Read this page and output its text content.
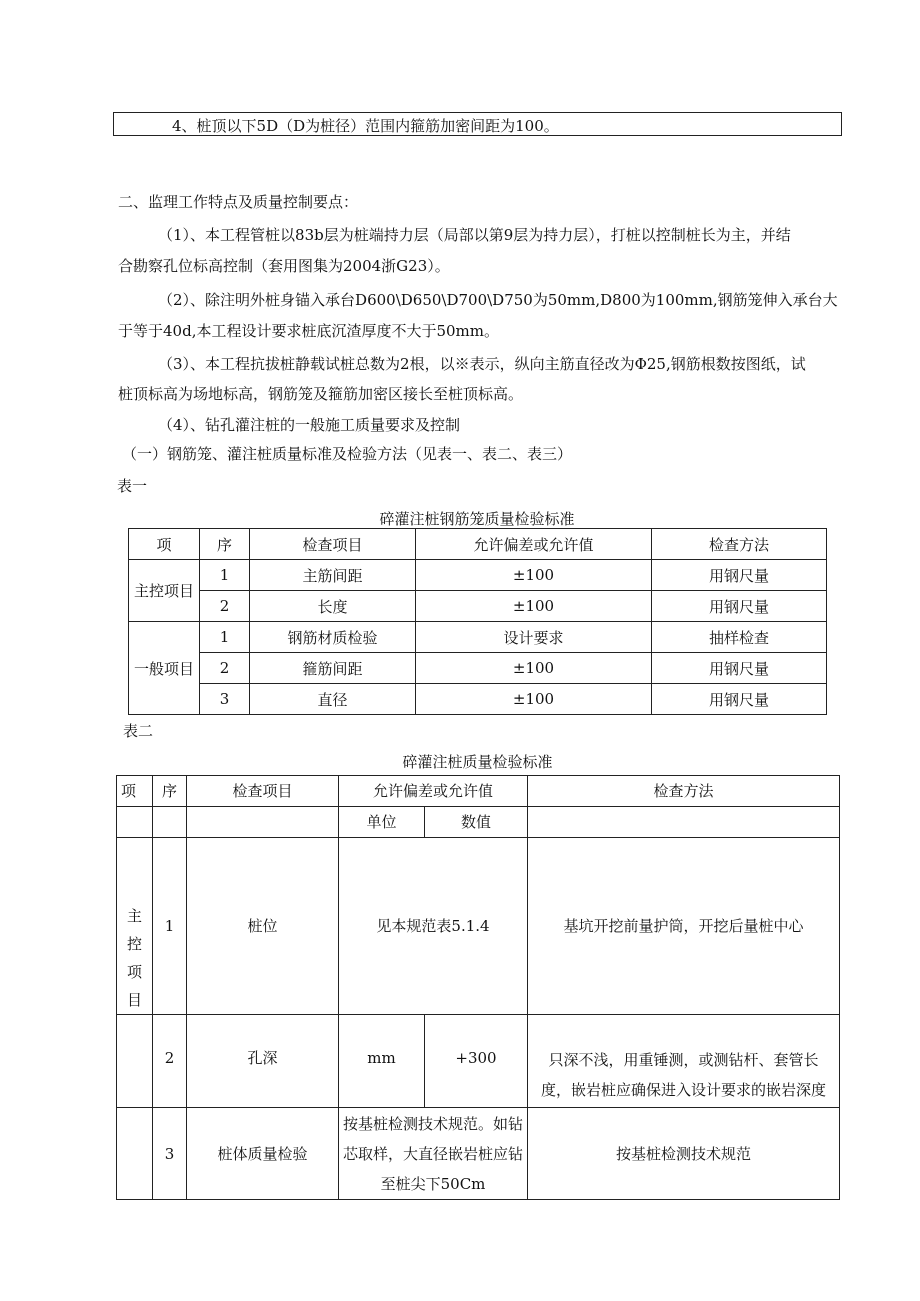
4、桩顶以下5D（D为桩径）范围内箍筋加密间距为100。
二、监理工作特点及质量控制要点：
（1）、本工程管桩以83b层为桩端持力层（局部以第9层为持力层），打桩以控制桩长为主，并结
合勘察孔位标高控制（套用图集为2004浙G23）。
（2）、除注明外桩身锚入承台D600\D650\D700\D750为50mm,D800为100mm,钢筋笼伸入承台大
于等于40d,本工程设计要求桩底沉渣厚度不大于50mm。
（3）、本工程抗拔桩静载试桩总数为2根，以※表示，纵向主筋直径改为Φ25,钢筋根数按图纸，试
桩顶标高为场地标高，钢筋笼及箍筋加密区接长至桩顶标高。
（4）、钻孔灌注桩的一般施工质量要求及控制
（一）钢筋笼、灌注桩质量标准及检验方法（见表一、表二、表三）
表一
碎灌注桩钢筋笼质量检验标准
项	序	检查项目	允许偏差或允许值	检查方法
主控项目	1	主筋间距	±100	用钢尺量
	2	长度	±100	用钢尺量
一般项目	1	钢筋材质检验	设计要求	抽样检查
	2	箍筋间距	±100	用钢尺量
	3	直径	±100	用钢尺量
表二
碎灌注桩质量检验标准
项	序	检查项目	允许偏差或允许值		检查方法
			单位	数值	

主控
项目	1	桩位	见本规范表5.1.4		基坑开挖前量护筒，开挖后量桩中心
	2	孔深	mm	+300	只深不浅，用重锤测，或测钻杆、套管长
度，嵌岩桩应确保进入设计要求的嵌岩深度

	3	桩体质量检验	按基桩检测技术规范。如钻
芯取样，大直径嵌岩桩应钻
至桩尖下50Cm		按基桩检测技术规范
